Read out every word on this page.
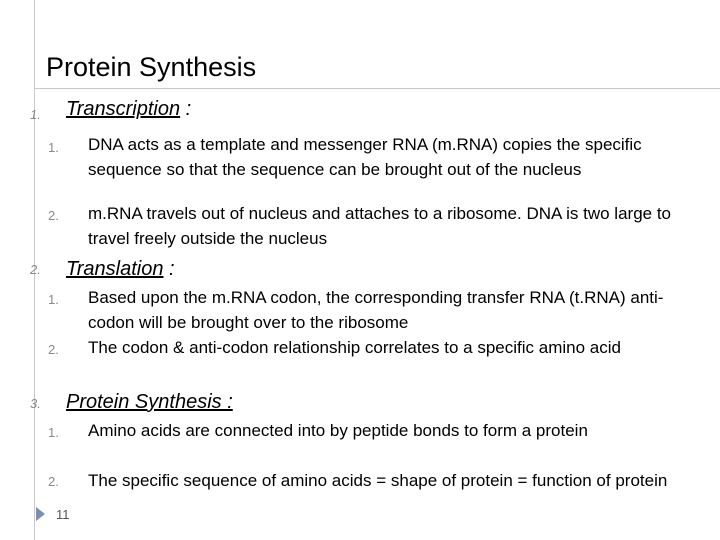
Protein Synthesis
1. Transcription :
1. DNA acts as a template and messenger RNA (m.RNA) copies the specific sequence so that the sequence can be brought out of the nucleus
2. m.RNA travels out of nucleus and attaches to a ribosome. DNA is two large to travel freely outside the nucleus
2. Translation :
1. Based upon the m.RNA codon, the corresponding transfer RNA (t.RNA) anti-codon will be brought over to the ribosome
2. The codon & anti-codon relationship correlates to a specific amino acid
3. Protein Synthesis :
1. Amino acids are connected into by peptide bonds to form a protein
2. The specific sequence of amino acids = shape of protein = function of protein
11
